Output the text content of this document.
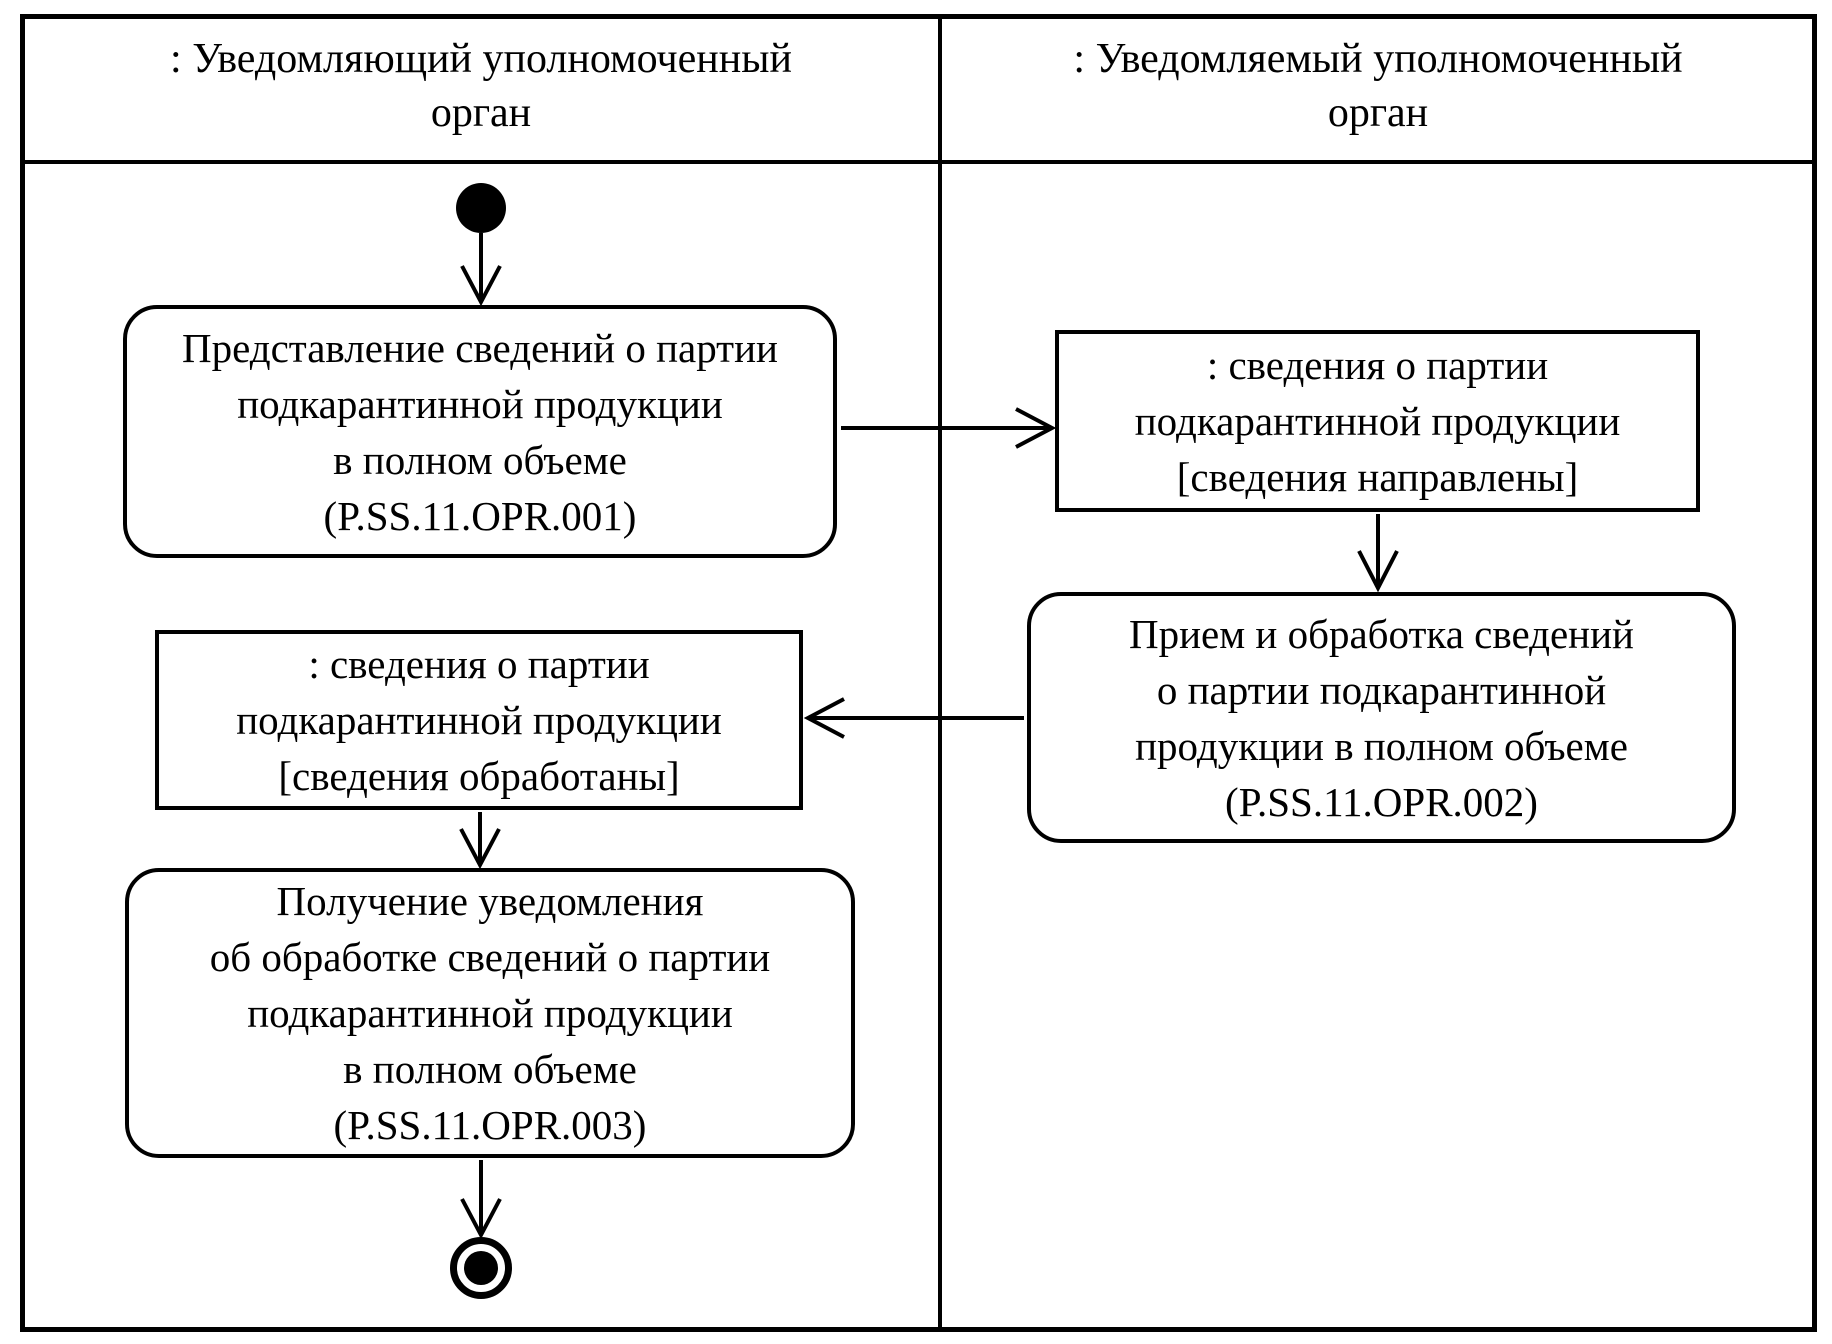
: Уведомляющий уполномоченный
орган
: Уведомляемый уполномоченный
орган
Представление сведений о партии
подкарантинной продукции
в полном объеме
(P.SS.11.OPR.001)
: сведения о партии
подкарантинной продукции
[сведения направлены]
Прием и обработка сведений
о партии подкарантинной
продукции в полном объеме
(P.SS.11.OPR.002)
: сведения о партии
подкарантинной продукции
[сведения обработаны]
Получение уведомления
об обработке сведений о партии
подкарантинной продукции
в полном объеме
(P.SS.11.OPR.003)
